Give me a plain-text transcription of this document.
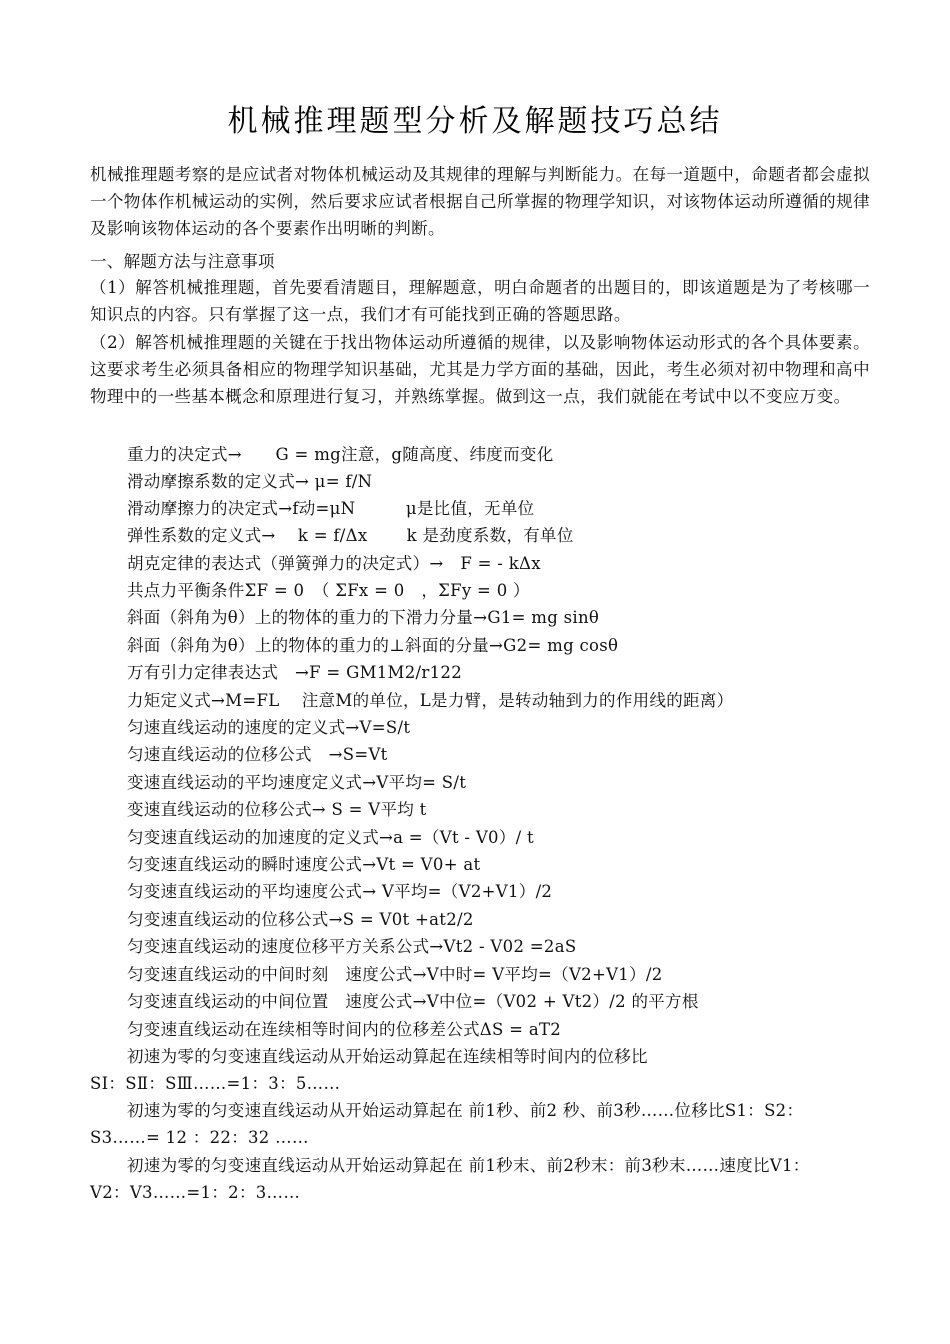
机械推理题型分析及解题技巧总结
机械推理题考察的是应试者对物体机械运动及其规律的理解与判断能力。在每一道题中，命题者都会虚拟一个物体作机械运动的实例，然后要求应试者根据自己所掌握的物理学知识，对该物体运动所遵循的规律及影响该物体运动的各个要素作出明晰的判断。
一、解题方法与注意事项
（1）解答机械推理题，首先要看清题目，理解题意，明白命题者的出题目的，即该道题是为了考核哪一知识点的内容。只有掌握了这一点，我们才有可能找到正确的答题思路。
（2）解答机械推理题的关键在于找出物体运动所遵循的规律，以及影响物体运动形式的各个具体要素。这要求考生必须具备相应的物理学知识基础，尤其是力学方面的基础，因此，考生必须对初中物理和高中物理中的一些基本概念和原理进行复习，并熟练掌握。做到这一点，我们就能在考试中以不变应万变。
重力的决定式→　　G = mg注意，g随高度、纬度而变化
滑动摩擦系数的定义式→ μ= f/N
滑动摩擦力的决定式→f动=μN　　　μ是比值，无单位
弹性系数的定义式→　 k = f/Δx　　 k 是劲度系数，有单位
胡克定律的表达式（弹簧弹力的决定式）→　F = - kΔx
共点力平衡条件ΣF = 0　（ ΣFx = 0　，ΣFy = 0 ）
斜面（斜角为θ）上的物体的重力的下滑力分量→G1= mg sinθ
斜面（斜角为θ）上的物体的重力的⊥斜面的分量→G2= mg cosθ
万有引力定律表达式　→F = GM1M2/r122
力矩定义式→M=FL　 注意M的单位，L是力臂，是转动轴到力的作用线的距离）
匀速直线运动的速度的定义式→V=S/t
匀速直线运动的位移公式　→S=Vt
变速直线运动的平均速度定义式→V平均= S/t
变速直线运动的位移公式→ S = V平均 t
匀变速直线运动的加速度的定义式→a =（Vt - V0）/ t
匀变速直线运动的瞬时速度公式→Vt = V0+ at
匀变速直线运动的平均速度公式→ V平均=（V2+V1）/2
匀变速直线运动的位移公式→S = V0t +at2/2
匀变速直线运动的速度位移平方关系公式→Vt2 - V02 =2aS
匀变速直线运动的中间时刻　速度公式→V中时= V平均=（V2+V1）/2
匀变速直线运动的中间位置　速度公式→V中位=（V02 + Vt2）/2 的平方根
匀变速直线运动在连续相等时间内的位移差公式ΔS = aT2
初速为零的匀变速直线运动从开始运动算起在连续相等时间内的位移比
SⅠ：SⅡ：SⅢ……=1：3：5……
初速为零的匀变速直线运动从开始运动算起在 前1秒、前2 秒、前3秒……位移比S1：S2：
S3……= 12 ：22：32 ……
初速为零的匀变速直线运动从开始运动算起在 前1秒末、前2秒末：前3秒末……速度比V1：
V2：V3……=1：2：3……
